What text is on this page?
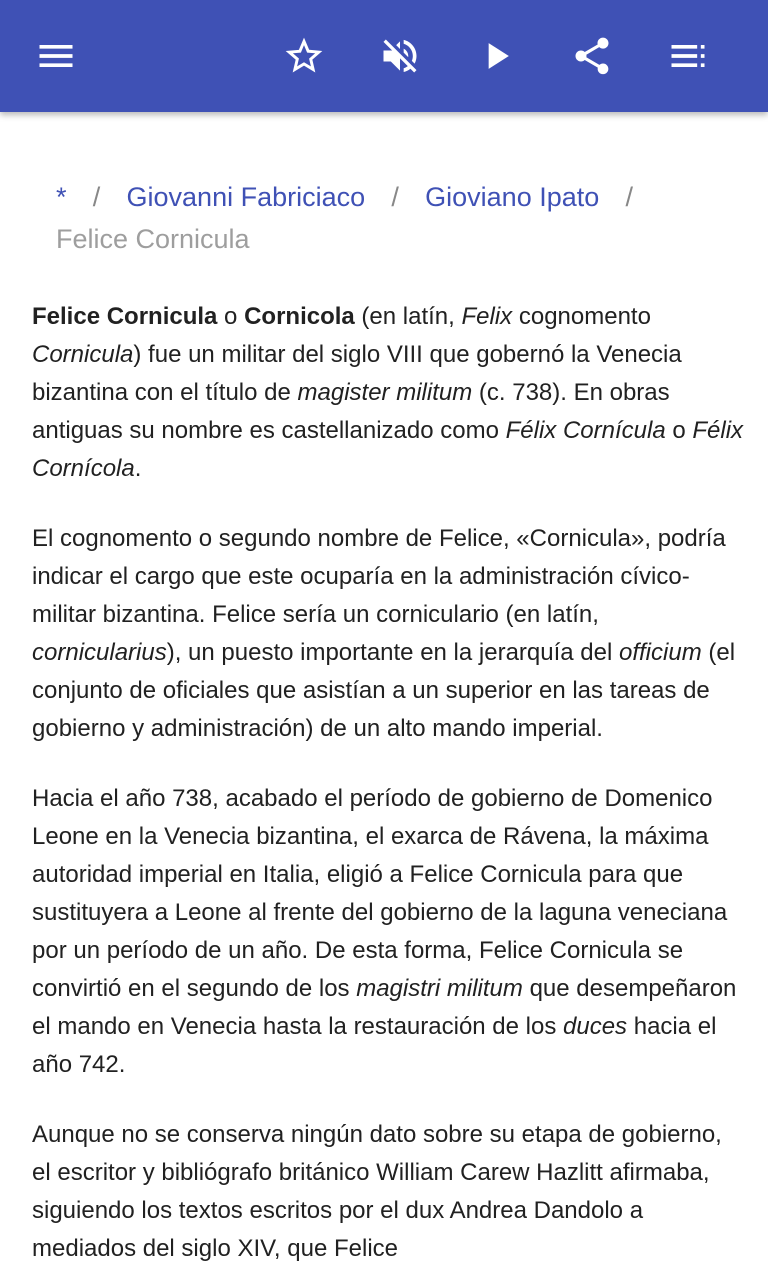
* / Giovanni Fabriciaco / Gioviano Ipato /
Felice Cornicula

Felice Cornicula o Cornicola (en latín, Felix cognomento Cornicula) fue un militar del siglo VIII que gobernó la Venecia bizantina con el título de magister militum (c. 738). En obras antiguas su nombre es castellanizado como Félix Cornícula o Félix Cornícola.

El cognomento o segundo nombre de Felice, «Cornicula», podría indicar el cargo que este ocuparía en la administración cívico-militar bizantina. Felice sería un corniculario (en latín, cornicularius), un puesto importante en la jerarquía del officium (el conjunto de oficiales que asistían a un superior en las tareas de gobierno y administración) de un alto mando imperial.

Hacia el año 738, acabado el período de gobierno de Domenico Leone en la Venecia bizantina, el exarca de Rávena, la máxima autoridad imperial en Italia, eligió a Felice Cornicula para que sustituyera a Leone al frente del gobierno de la laguna veneciana por un período de un año. De esta forma, Felice Cornicula se convirtió en el segundo de los magistri militum que desempeñaron el mando en Venecia hasta la restauración de los duces hacia el año 742.

Aunque no se conserva ningún dato sobre su etapa de gobierno, el escritor y bibliógrafo británico William Carew Hazlitt afirmaba, siguiendo los textos escritos por el dux Andrea Dandolo a mediados del siglo XIV, que Felice
